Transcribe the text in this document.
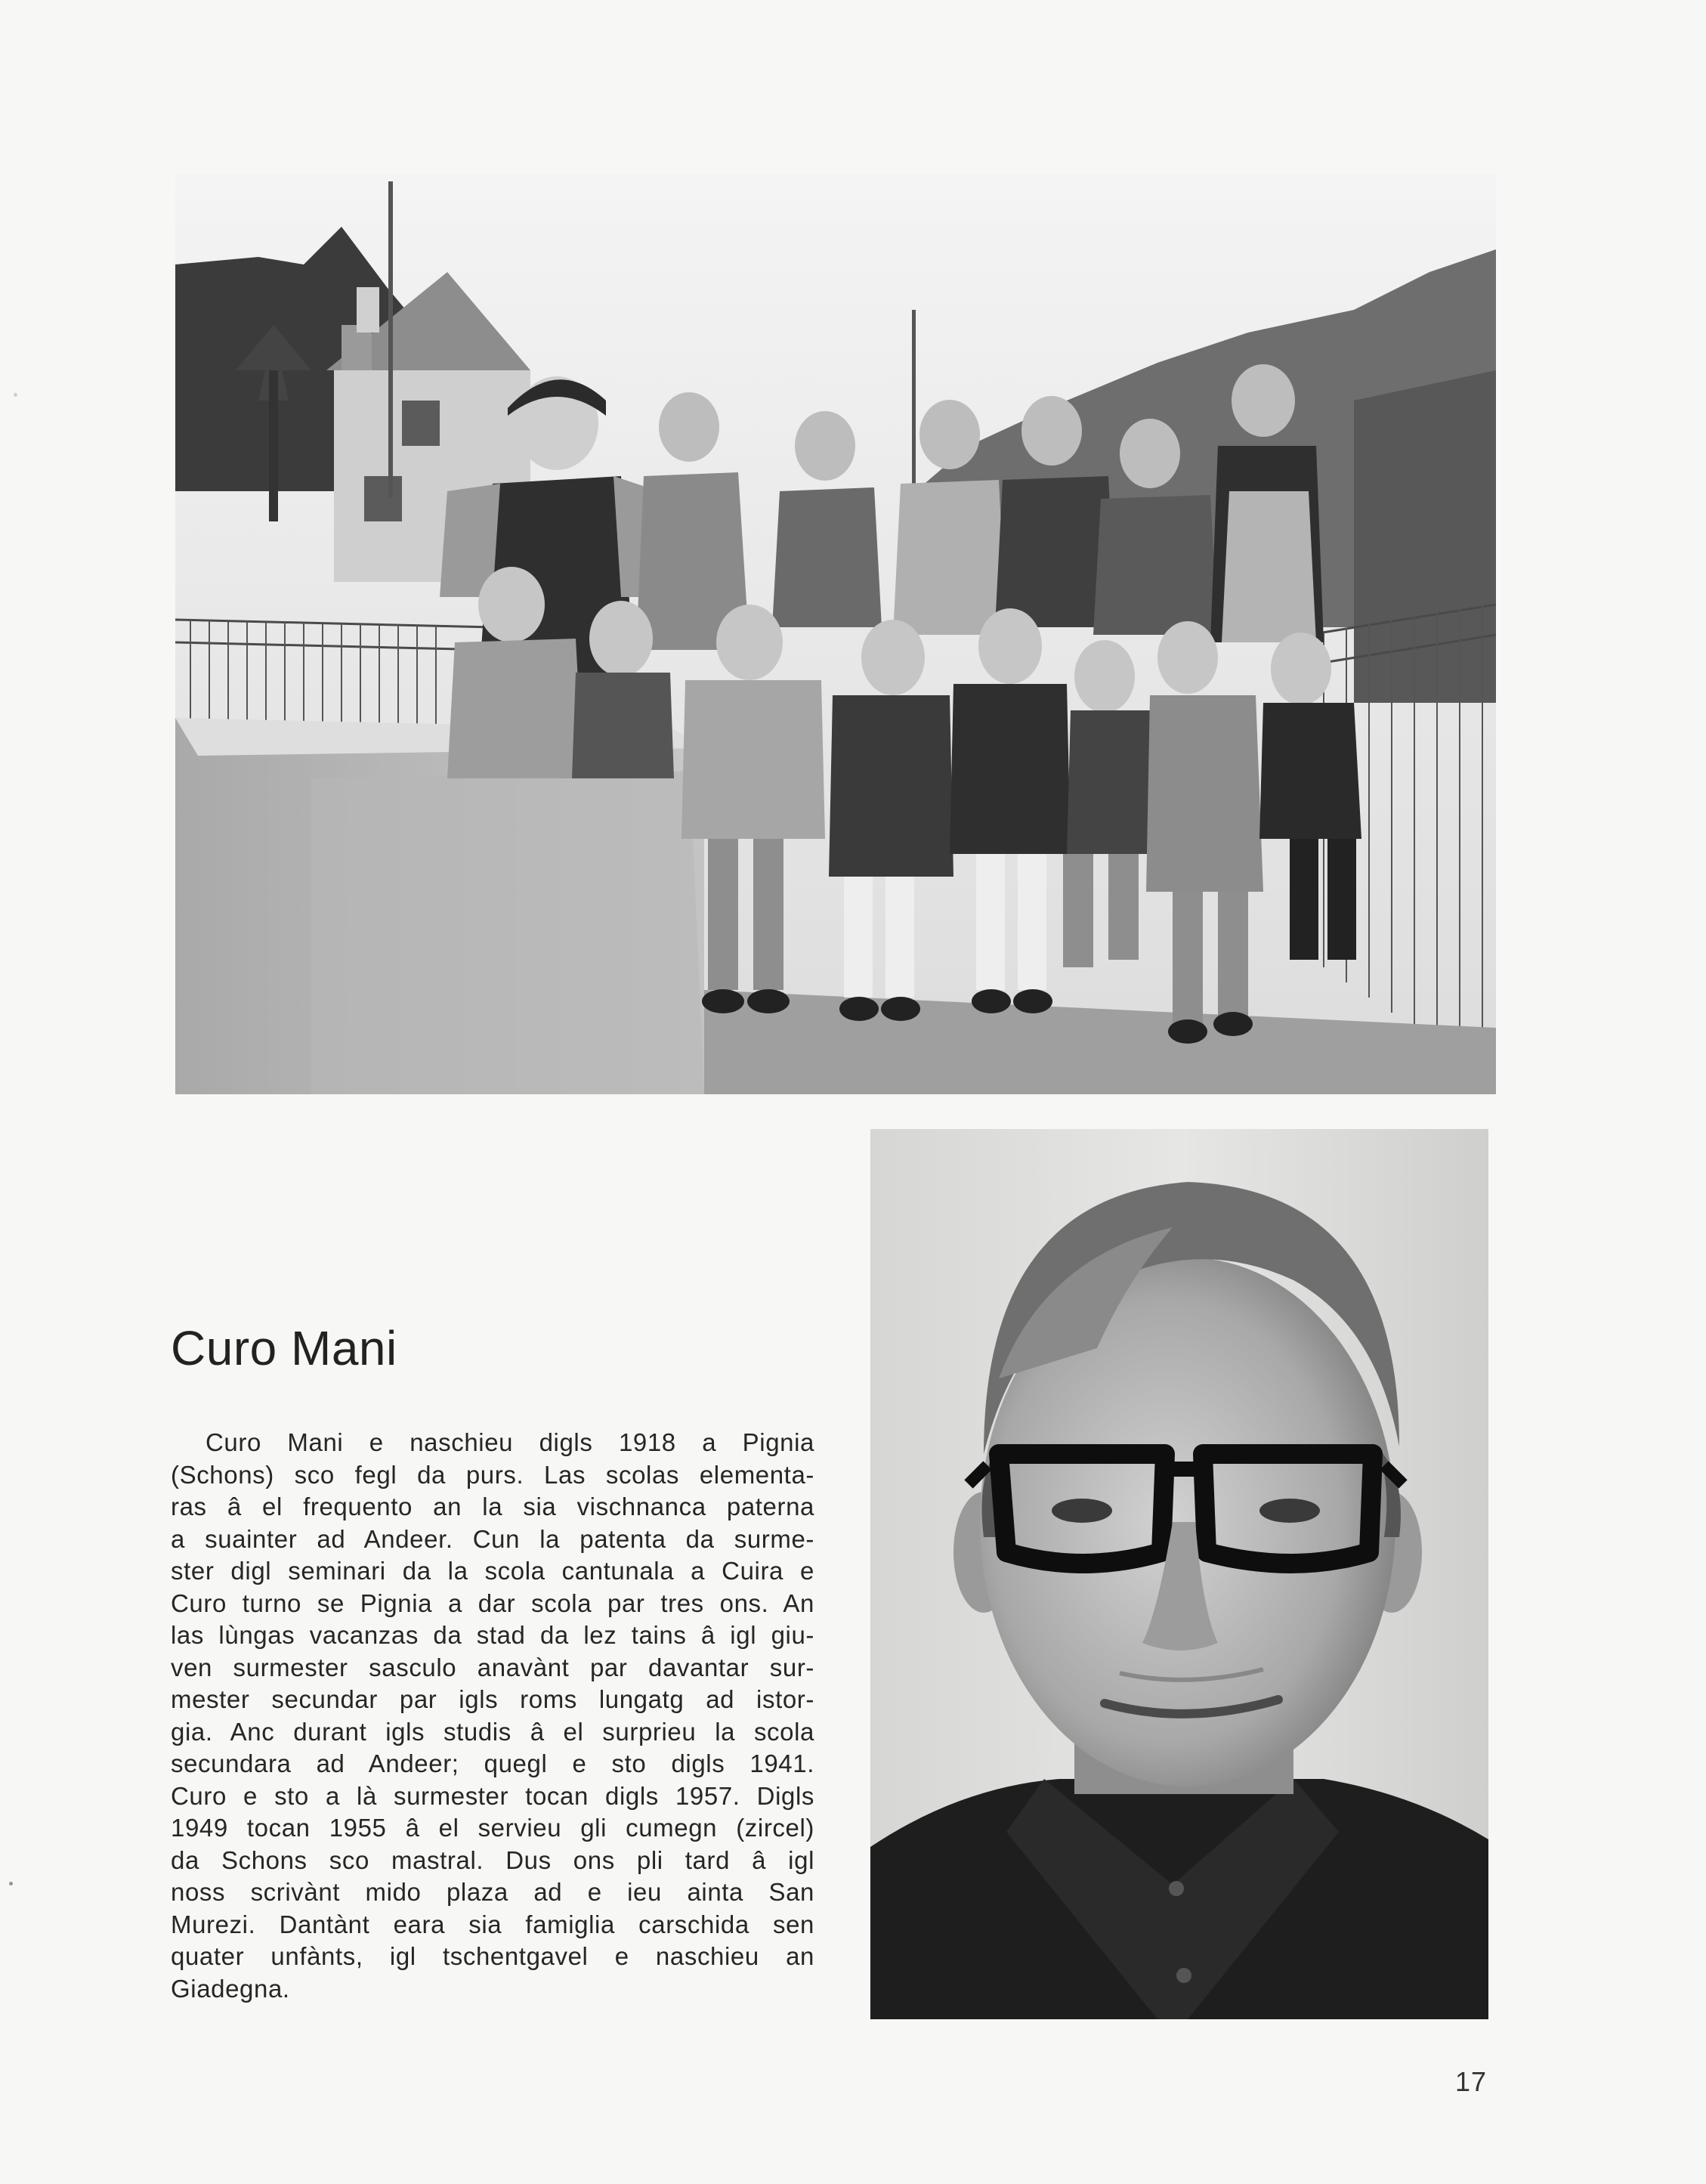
Curo Mani
Curo Mani e naschieu digls 1918 a Pignia
(Schons) sco fegl da purs. Las scolas elementa-
ras â el frequento an la sia vischnanca paterna
a suainter ad Andeer. Cun la patenta da surme-
ster digl seminari da la scola cantunala a Cuira e
Curo turno se Pignia a dar scola par tres ons. An
las lùngas vacanzas da stad da lez tains â igl giu-
ven surmester sasculo anavànt par davantar sur-
mester secundar par igls roms lungatg ad istor-
gia. Anc durant igls studis â el surprieu la scola
secundara ad Andeer; quegl e sto digls 1941.
Curo e sto a là surmester tocan digls 1957. Digls
1949 tocan 1955 â el servieu gli cumegn (zircel)
da Schons sco mastral. Dus ons pli tard â igl
noss scrivànt mido plaza ad e ieu ainta San
Murezi. Dantànt eara sia famiglia carschida sen
quater unfànts, igl tschentgavel e naschieu an
Giadegna.
17
